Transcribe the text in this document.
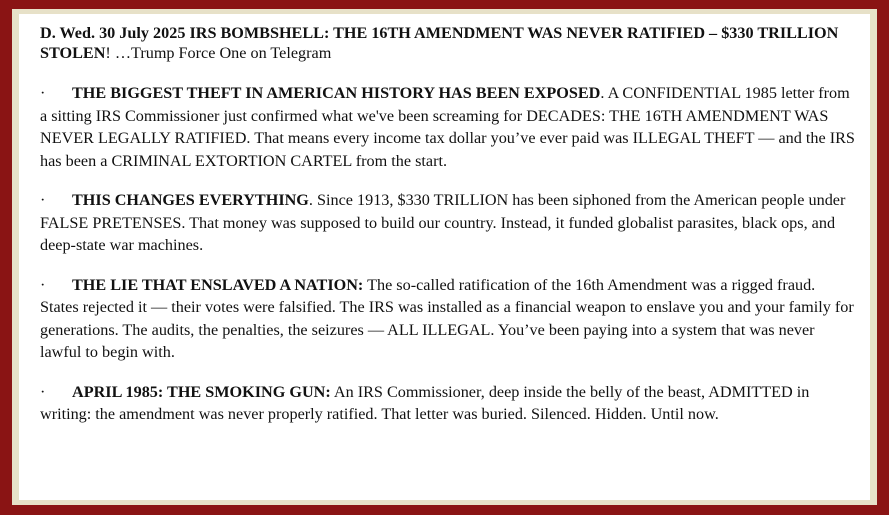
D. Wed. 30 July 2025 IRS BOMBSHELL: THE 16TH AMENDMENT WAS NEVER RATIFIED – $330 TRILLION STOLEN! …Trump Force One on Telegram

· THE BIGGEST THEFT IN AMERICAN HISTORY HAS BEEN EXPOSED. A CONFIDENTIAL 1985 letter from a sitting IRS Commissioner just confirmed what we've been screaming for DECADES: THE 16TH AMENDMENT WAS NEVER LEGALLY RATIFIED. That means every income tax dollar you’ve ever paid was ILLEGAL THEFT — and the IRS has been a CRIMINAL EXTORTION CARTEL from the start.

· THIS CHANGES EVERYTHING. Since 1913, $330 TRILLION has been siphoned from the American people under FALSE PRETENSES. That money was supposed to build our country. Instead, it funded globalist parasites, black ops, and deep-state war machines.

· THE LIE THAT ENSLAVED A NATION: The so-called ratification of the 16th Amendment was a rigged fraud. States rejected it — their votes were falsified. The IRS was installed as a financial weapon to enslave you and your family for generations. The audits, the penalties, the seizures — ALL ILLEGAL. You’ve been paying into a system that was never lawful to begin with.

· APRIL 1985: THE SMOKING GUN: An IRS Commissioner, deep inside the belly of the beast, ADMITTED in writing: the amendment was never properly ratified. That letter was buried. Silenced. Hidden. Until now.
